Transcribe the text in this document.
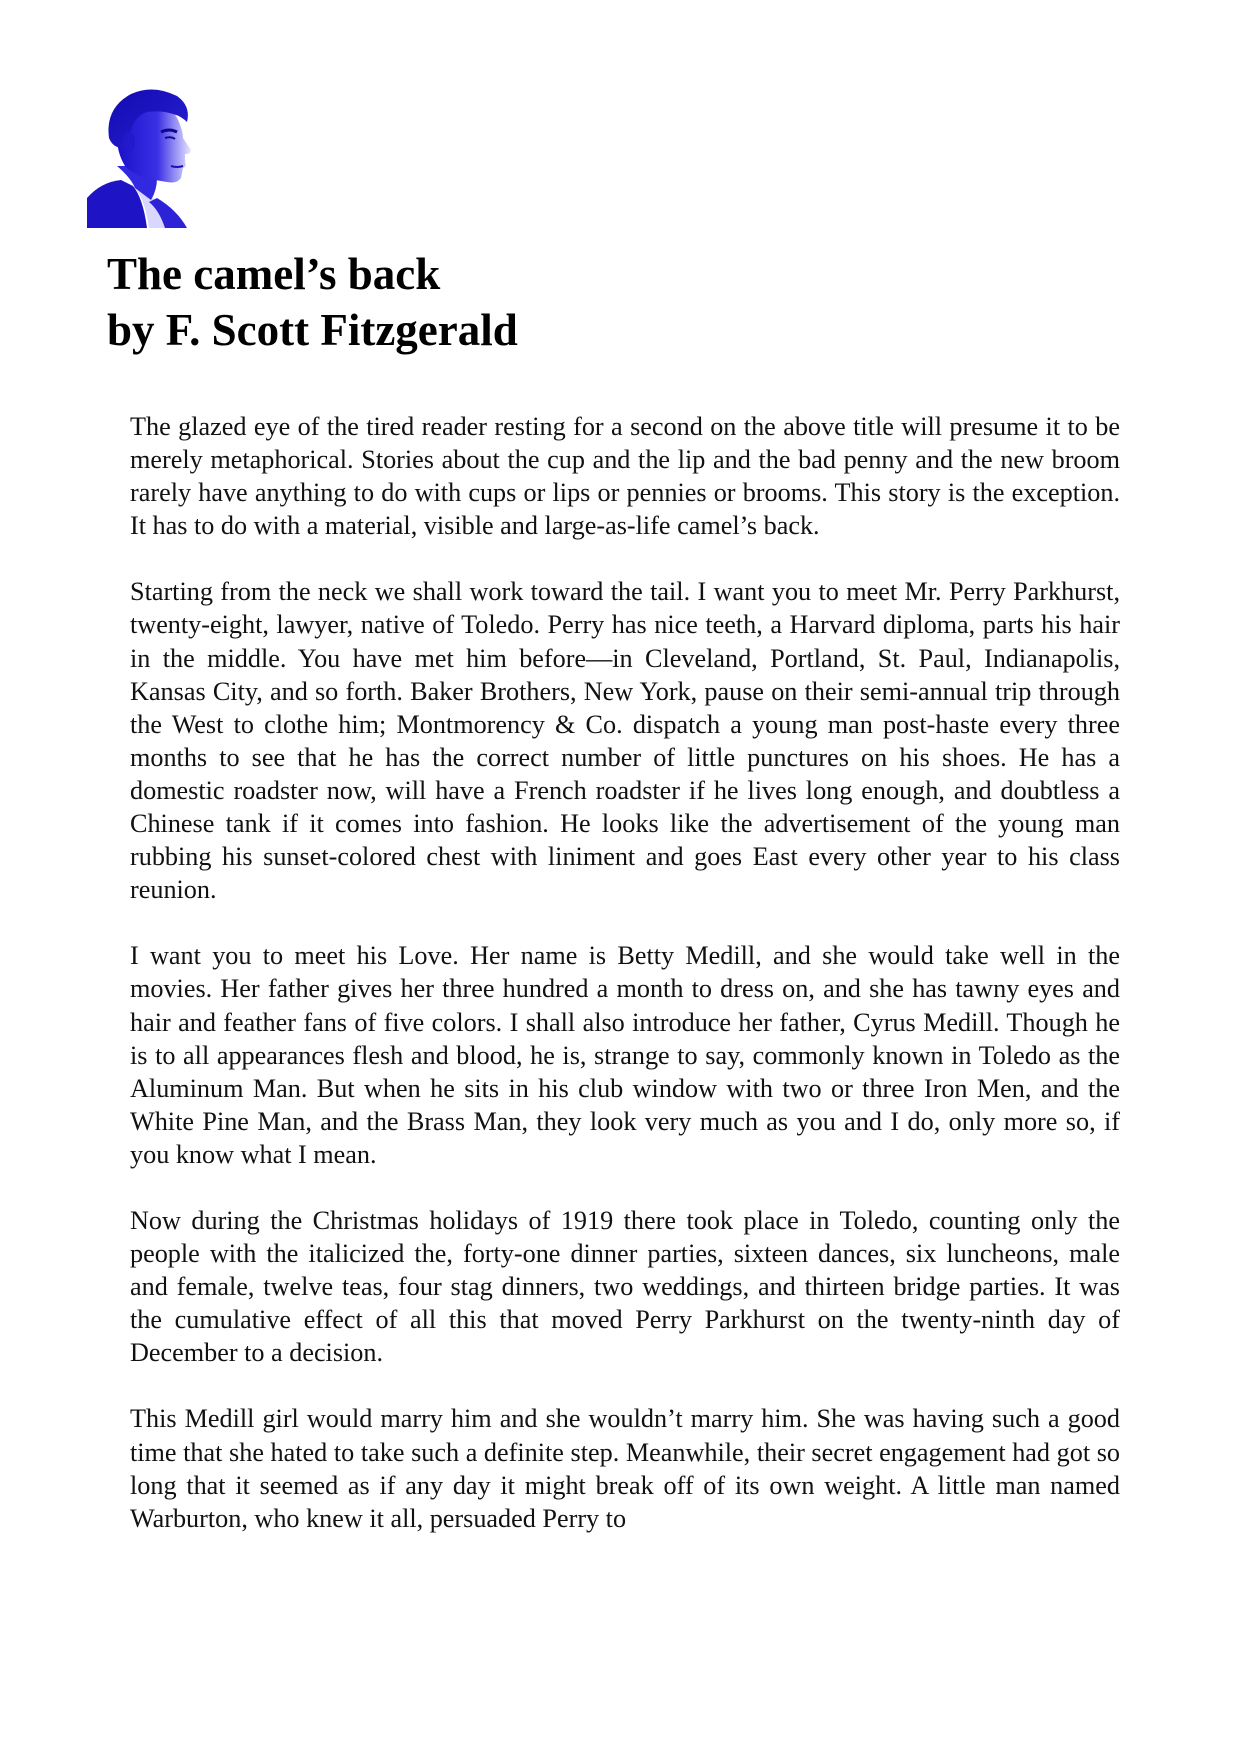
The camel’s back
by F. Scott Fitzgerald

The glazed eye of the tired reader resting for a second on the above title will presume it to be merely metaphorical. Stories about the cup and the lip and the bad penny and the new broom rarely have anything to do with cups or lips or pennies or brooms. This story is the exception. It has to do with a material, visible and large-as-life camel’s back.

Starting from the neck we shall work toward the tail. I want you to meet Mr. Perry Parkhurst, twenty-eight, lawyer, native of Toledo. Perry has nice teeth, a Harvard diploma, parts his hair in the middle. You have met him before—in Cleveland, Portland, St. Paul, Indianapolis, Kansas City, and so forth. Baker Brothers, New York, pause on their semi-annual trip through the West to clothe him; Montmorency & Co. dispatch a young man post-haste every three months to see that he has the correct number of little punctures on his shoes. He has a domestic roadster now, will have a French roadster if he lives long enough, and doubtless a Chinese tank if it comes into fashion. He looks like the advertisement of the young man rubbing his sunset-colored chest with liniment and goes East every other year to his class reunion.

I want you to meet his Love. Her name is Betty Medill, and she would take well in the movies. Her father gives her three hundred a month to dress on, and she has tawny eyes and hair and feather fans of five colors. I shall also introduce her father, Cyrus Medill. Though he is to all appearances flesh and blood, he is, strange to say, commonly known in Toledo as the Aluminum Man. But when he sits in his club window with two or three Iron Men, and the White Pine Man, and the Brass Man, they look very much as you and I do, only more so, if you know what I mean.

Now during the Christmas holidays of 1919 there took place in Toledo, counting only the people with the italicized the, forty-one dinner parties, sixteen dances, six luncheons, male and female, twelve teas, four stag dinners, two weddings, and thirteen bridge parties. It was the cumulative effect of all this that moved Perry Parkhurst on the twenty-ninth day of December to a decision.

This Medill girl would marry him and she wouldn’t marry him. She was having such a good time that she hated to take such a definite step. Meanwhile, their secret engagement had got so long that it seemed as if any day it might break off of its own weight. A little man named Warburton, who knew it all, persuaded Perry to
